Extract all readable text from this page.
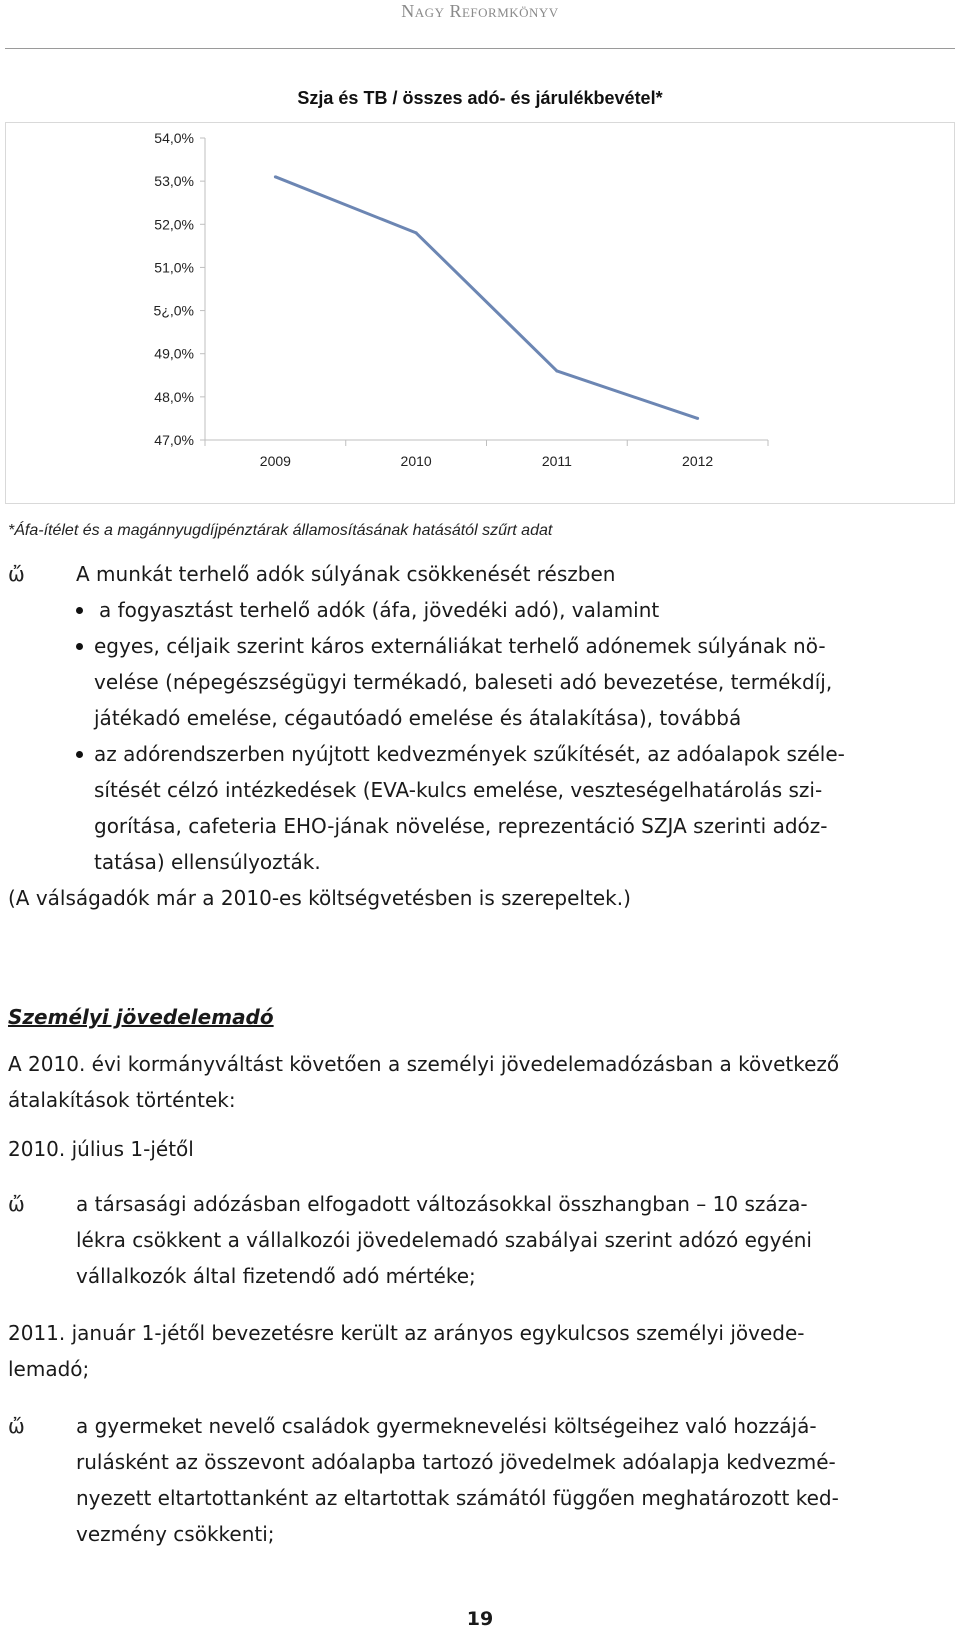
Nagy Reformkönyv
Szja és TB / összes adó- és járulékbevétel*
54,0%
53,0%
52,0%
51,0%
5¿,0%
49,0%
48,0%
47,0%
2009	2010	2011	2012
*Áfa-ítélet és a magánnyugdíjpénztárak államosításának hatásától szűrt adat
ὤ	A munkát terhelő adók súlyának csökkenését részben
a fogyasztást terhelő adók (áfa, jövedéki adó), valamint
egyes, céljaik szerint káros externáliákat terhelő adónemek súlyának nö-
velése (népegészségügyi termékadó, baleseti adó bevezetése, termékdíj,
játékadó emelése, cégautóadó emelése és átalakítása), továbbá
az adórendszerben nyújtott kedvezmények szűkítését, az adóalapok széle-
sítését célzó intézkedések (EVA-kulcs emelése, veszteségelhatárolás szi-
gorítása, cafeteria EHO-jának növelése, reprezentáció SZJA szerinti adóz-
tatása) ellensúlyozták.
(A válságadók már a 2010-es költségvetésben is szerepeltek.)
Személyi jövedelemadó
A 2010. évi kormányváltást követően a személyi jövedelemadózásban a következő
átalakítások történtek:
2010. július 1-jétől
ὤ	a társasági adózásban elfogadott változásokkal összhangban – 10 száza-
lékra csökkent a vállalkozói jövedelemadó szabályai szerint adózó egyéni
vállalkozók által fizetendő adó mértéke;
2011. január 1-jétől bevezetésre került az arányos egykulcsos személyi jövede-
lemadó;
ὤ	a gyermeket nevelő családok gyermeknevelési költségeihez való hozzájá-
rulásként az összevont adóalapba tartozó jövedelmek adóalapja kedvezmé-
nyezett eltartottanként az eltartottak számától függően meghatározott ked-
vezmény csökkenti;
19
